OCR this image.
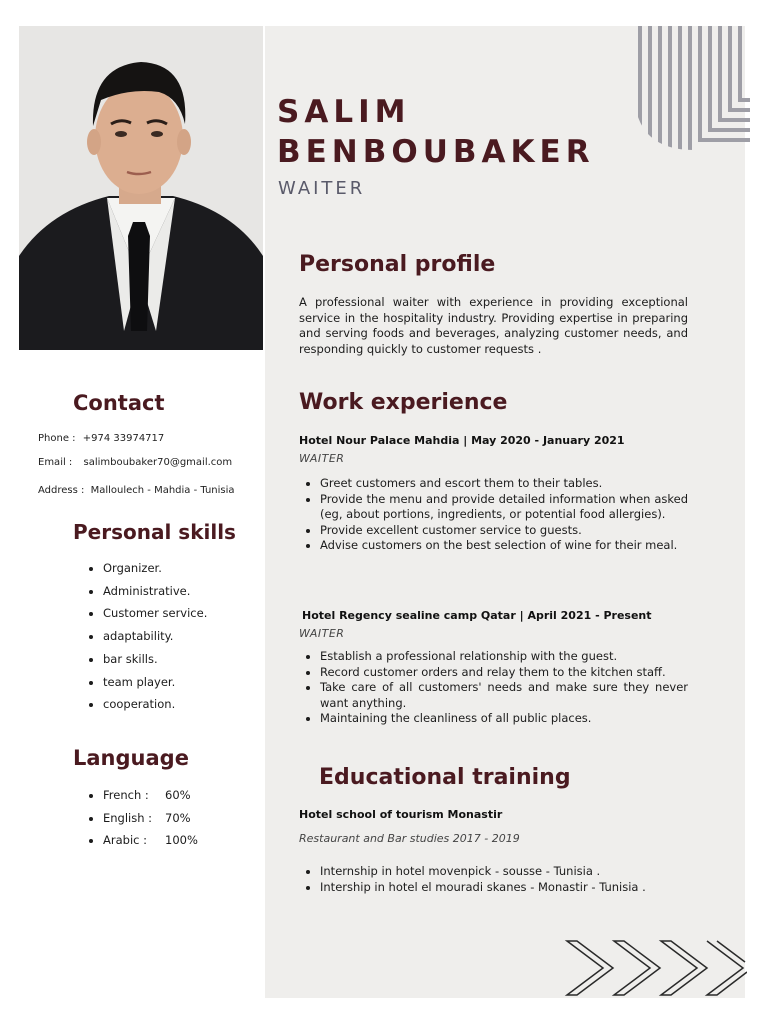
SALIM
BENBOUBAKER
WAITER
Contact
Phone : +974 33974717
Email : salimboubaker70@gmail.com
Address : Malloulech - Mahdia - Tunisia
Personal skills
• Organizer.
• Administrative.
• Customer service.
• adaptability.
• bar skills.
• team player.
• cooperation.
Language
• French : 60%
• English : 70%
• Arabic : 100%
Personal profile
A professional waiter with experience in providing exceptional service in the hospitality industry. Providing expertise in preparing and serving foods and beverages, analyzing customer needs, and responding quickly to customer requests .
Work experience
Hotel Nour Palace Mahdia | May 2020 - January 2021
WAITER
• Greet customers and escort them to their tables.
• Provide the menu and provide detailed information when asked (eg, about portions, ingredients, or potential food allergies).
• Provide excellent customer service to guests.
• Advise customers on the best selection of wine for their meal.
Hotel Regency sealine camp Qatar | April 2021 - Present
WAITER
• Establish a professional relationship with the guest.
• Record customer orders and relay them to the kitchen staff.
• Take care of all customers' needs and make sure they never want anything.
• Maintaining the cleanliness of all public places.
Educational training
Hotel school of tourism Monastir
Restaurant and Bar studies 2017 - 2019
• Internship in hotel movenpick - sousse - Tunisia .
• Intership in hotel el mouradi skanes - Monastir - Tunisia .
